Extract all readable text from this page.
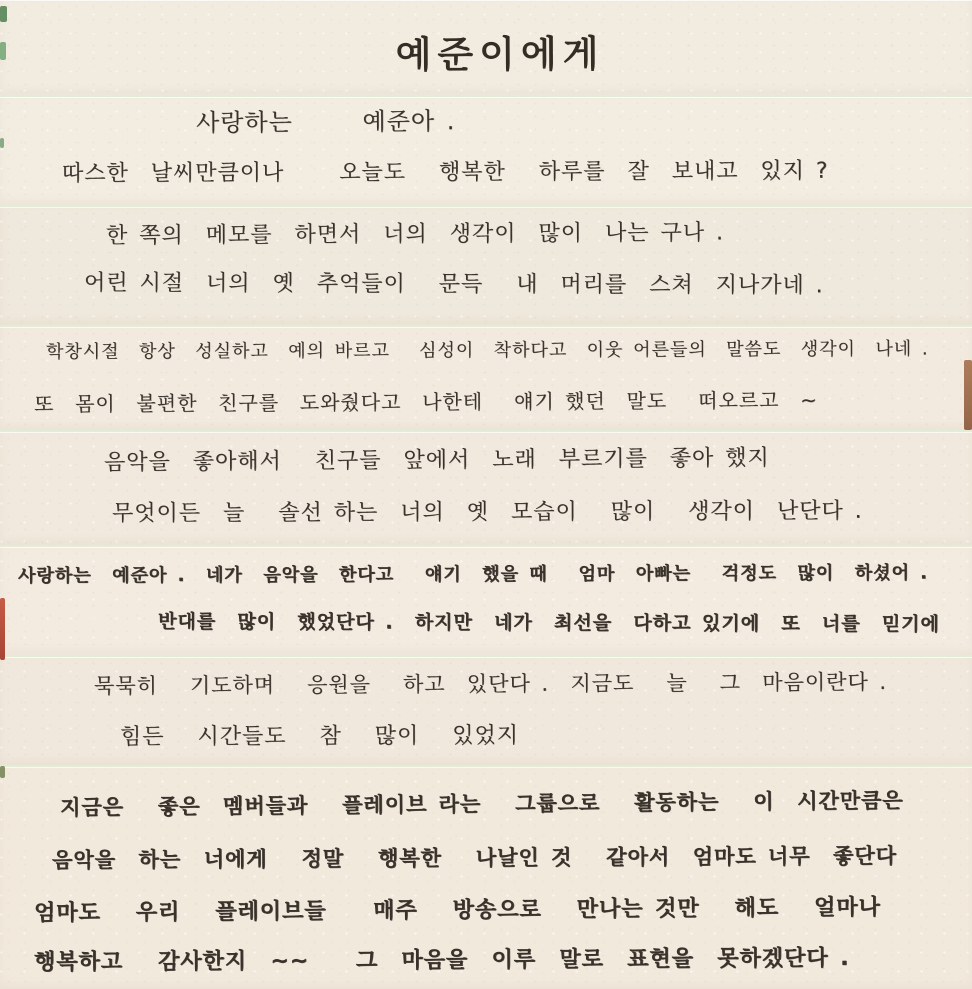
예준이에게
사랑하는      예준아 .
따스한  날씨만큼이나     오늘도   행복한   하루를  잘  보내고  있지 ?
한 쪽의  메모를  하면서  너의  생각이  많이  나는 구나 .
어린 시절  너의  옛  추억들이   문득   내  머리를  스쳐  지나가네 .
학창시절  항상  성실하고  예의 바르고   심성이  착하다고  이웃 어른들의  말씀도  생각이  나네 .
또  몸이  불편한  친구를  도와줬다고  나한테   얘기 했던  말도   떠오르고  ~
음악을  좋아해서   친구들  앞에서  노래  부르기를  좋아 했지
무엇이든  늘   솔선 하는  너의  옛  모습이   많이   생각이  난단다 .
사랑하는  예준아 .  네가  음악을  한다고   얘기  했을 때   엄마  아빠는   걱정도  많이  하셨어 .
반대를  많이  했었단다 .  하지만  네가  최선을  다하고 있기에  또  너를  믿기에
묵묵히   기도하며   응원을   하고  있단다 .  지금도   늘   그  마음이란다 .
힘든   시간들도   참   많이   있었지
지금은   좋은  멤버들과   플레이브 라는   그룹으로   활동하는   이  시간만큼은
음악을  하는  너에게   정말   행복한   나날인 것   같아서  엄마도 너무  좋단다
엄마도   우리   플레이브들    매주   방송으로   만나는 것만   해도   얼마나
행복하고   감사한지  ~~    그  마음을  이루  말로  표현을  못하겠단다 .
